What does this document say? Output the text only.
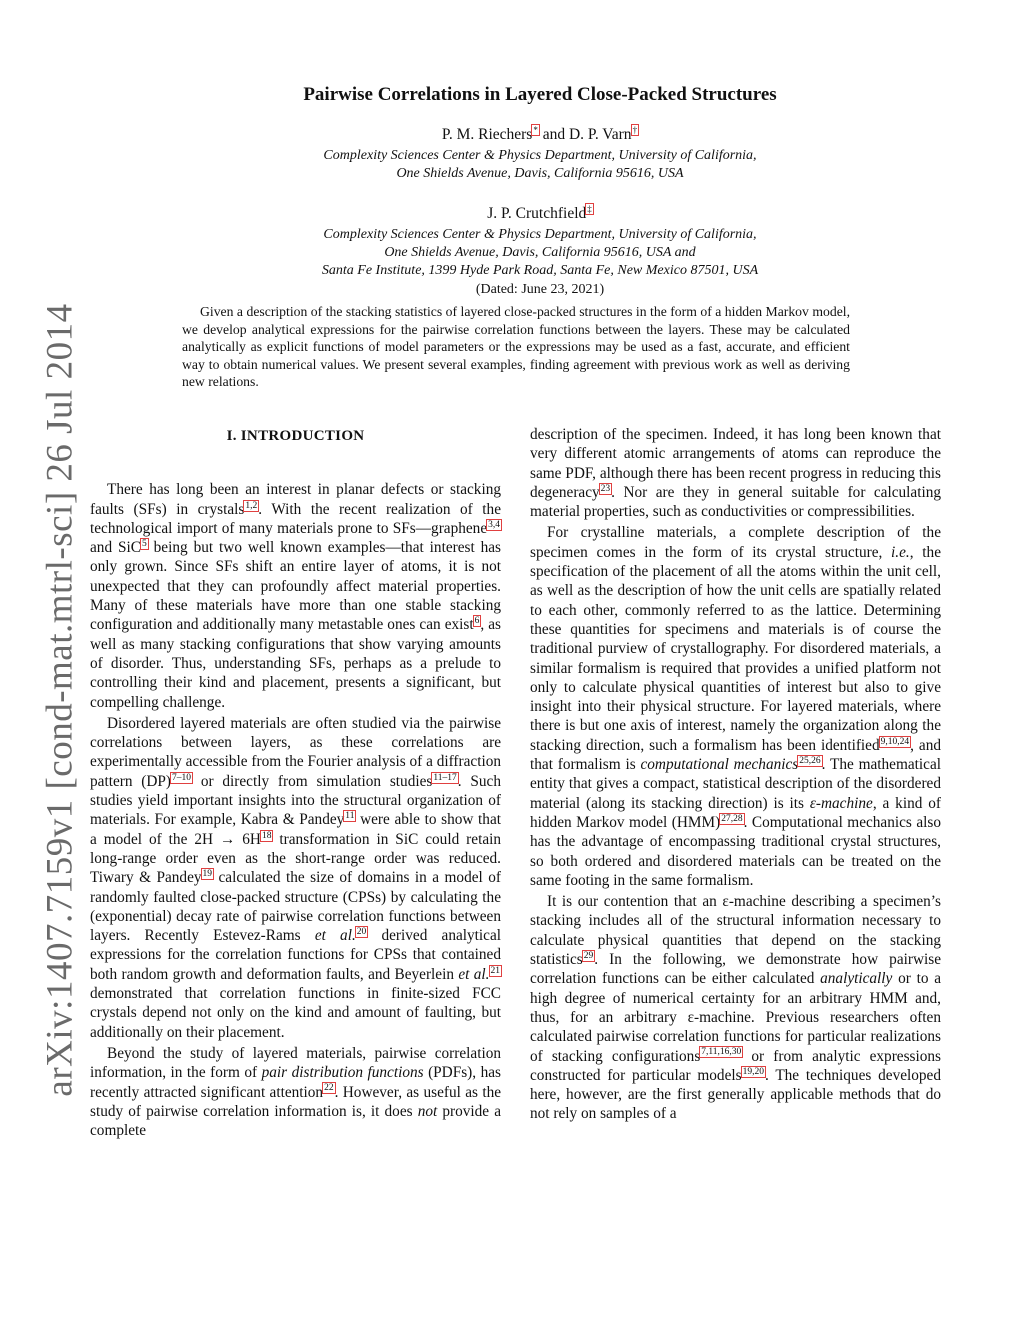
arXiv:1407.7159v1 [cond-mat.mtrl-sci] 26 Jul 2014
Pairwise Correlations in Layered Close-Packed Structures
P. M. Riechers* and D. P. Varn†

Complexity Sciences Center & Physics Department, University of California,

One Shields Avenue, Davis, California 95616, USA

J. P. Crutchfield‡

Complexity Sciences Center & Physics Department, University of California,

One Shields Avenue, Davis, California 95616, USA and

Santa Fe Institute, 1399 Hyde Park Road, Santa Fe, New Mexico 87501, USA

(Dated: June 23, 2021)

Given a description of the stacking statistics of layered close-packed structures in the form of a hidden Markov model, we develop analytical expressions for the pairwise correlation functions between the layers. These may be calculated analytically as explicit functions of model parameters or the expressions may be used as a fast, accurate, and efficient way to obtain numerical values. We present several examples, finding agreement with previous work as well as deriving new relations.

I. INTRODUCTION

There has long been an interest in planar defects or stacking faults (SFs) in crystals$^{1,2}$. With the recent realization of the technological import of many materials prone to SFs—graphene$^{3,4}$ and SiC$^5$ being but two well known examples—that interest has only grown. Since SFs shift an entire layer of atoms, it is not unexpected that they can profoundly affect material properties. Many of these materials have more than one stable stacking configuration and additionally many metastable ones can exist$^6$, as well as many stacking configurations that show varying amounts of disorder. Thus, understanding SFs, perhaps as a prelude to controlling their kind and placement, presents a significant, but compelling challenge.

Disordered layered materials are often studied via the pairwise correlations between layers, as these correlations are experimentally accessible from the Fourier analysis of a diffraction pattern (DP)$^{7-10}$ or directly from simulation studies$^{11-17}$. Such studies yield important insights into the structural organization of materials. For example, Kabra & Pandey$^{11}$ were able to show that a model of the $2H \to 6H^{18}$ transformation in SiC could retain long-range order even as the short-range order was reduced. Tiwary & Pandey$^{19}$ calculated the size of domains in a model of randomly faulted close-packed structure (CPSs) by calculating the (exponential) decay rate of pairwise correlation functions between layers. Recently Estevez-Rams et al.$^{20}$ derived analytical expressions for the correlation functions for CPSs that contained both random growth and deformation faults, and Beyerlein et al.$^{21}$ demonstrated that correlation functions in finite-sized FCC crystals depend not only on the kind and amount of faulting, but additionally on their placement.

Beyond the study of layered materials, pairwise correlation information, in the form of pair distribution functions (PDFs), has recently attracted significant attention$^{22}$. However, as useful as the study of pairwise correlation information is, it does not provide a complete

description of the specimen. Indeed, it has long been known that very different atomic arrangements of atoms can reproduce the same PDF, although there has been recent progress in reducing this degeneracy$^{23}$. Nor are they in general suitable for calculating material properties, such as conductivities or compressibilities.

For crystalline materials, a complete description of the specimen comes in the form of its crystal structure, i.e., the specification of the placement of all the atoms within the unit cell, as well as the description of how the unit cells are spatially related to each other, commonly referred to as the lattice. Determining these quantities for specimens and materials is of course the traditional purview of crystallography. For disordered materials, a similar formalism is required that provides a unified platform not only to calculate physical quantities of interest but also to give insight into their physical structure. For layered materials, where there is but one axis of interest, namely the organization along the stacking direction, such a formalism has been identified$^{9,10,24}$, and that formalism is computational mechanics$^{25,26}$. The mathematical entity that gives a compact, statistical description of the disordered material (along its stacking direction) is its ε-machine, a kind of hidden Markov model (HMM)$^{27,28}$. Computational mechanics also has the advantage of encompassing traditional crystal structures, so both ordered and disordered materials can be treated on the same footing in the same formalism.

It is our contention that an ε-machine describing a specimen’s stacking includes all of the structural information necessary to calculate physical quantities that depend on the stacking statistics$^{29}$. In the following, we demonstrate how pairwise correlation functions can be either calculated analytically or to a high degree of numerical certainty for an arbitrary HMM and, thus, for an arbitrary ε-machine. Previous researchers often calculated pairwise correlation functions for particular realizations of stacking configurations$^{7,11,16,30}$ or from analytic expressions constructed for particular models$^{19,20}$. The techniques developed here, however, are the first generally applicable methods that do not rely on samples of a
